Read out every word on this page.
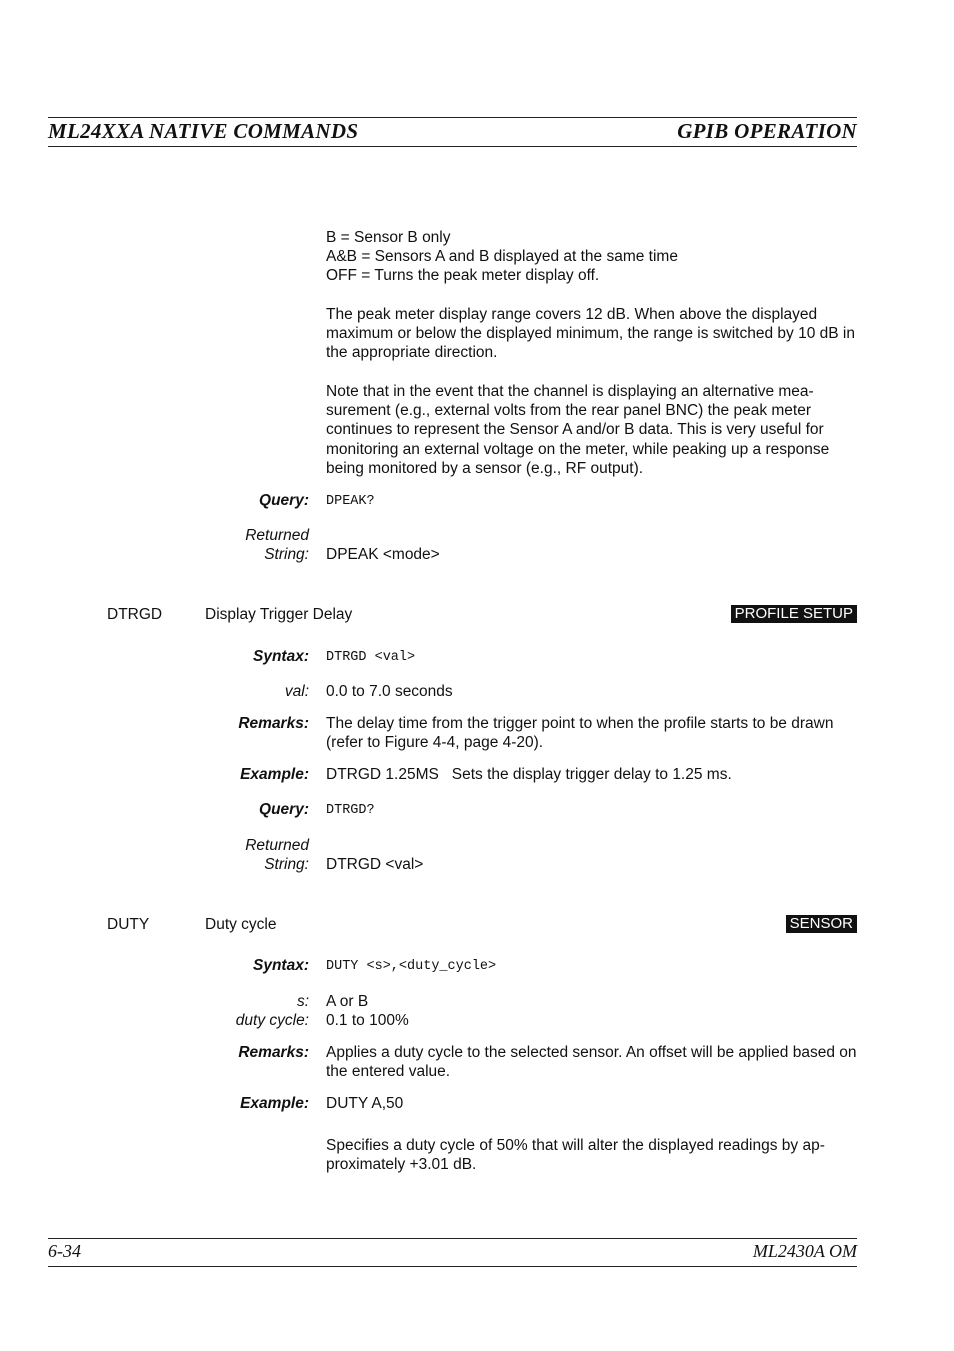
ML24XXA NATIVE COMMANDS	GPIB OPERATION

B = Sensor B only

A&B = Sensors A and B displayed at the same time

OFF = Turns the peak meter display off.

The peak meter display range covers 12 dB. When above the displayed maximum or below the displayed minimum, the range is switched by 10 dB in the appropriate direction.
Note that in the event that the channel is displaying an alternative mea-surement (e.g., external volts from the rear panel BNC) the peak meter continues to represent the Sensor A and/or B data. This is very useful for monitoring an external voltage on the meter, while peaking up a response being monitored by a sensor (e.g., RF output).
Query: DPEAK?
Returned
String: DPEAK <mode>
DTRGD	Display Trigger Delay	PROFILE SETUP
Syntax: DTRGD <val>
val: 0.0 to 7.0 seconds
Remarks: The delay time from the trigger point to when the profile starts to be drawn (refer to Figure 4-4, page 4-20).
Example: DTRGD 1.25MS   Sets the display trigger delay to 1.25 ms.
Query: DTRGD?
Returned
String: DTRGD <val>
DUTY	Duty cycle	SENSOR
Syntax: DUTY <s>,<duty_cycle>
s: A or B
duty cycle: 0.1 to 100%
Remarks: Applies a duty cycle to the selected sensor. An offset will be applied based on the entered value.
Example: DUTY A,50
Specifies a duty cycle of 50% that will alter the displayed readings by ap-proximately +3.01 dB.
6-34	ML2430A OM
